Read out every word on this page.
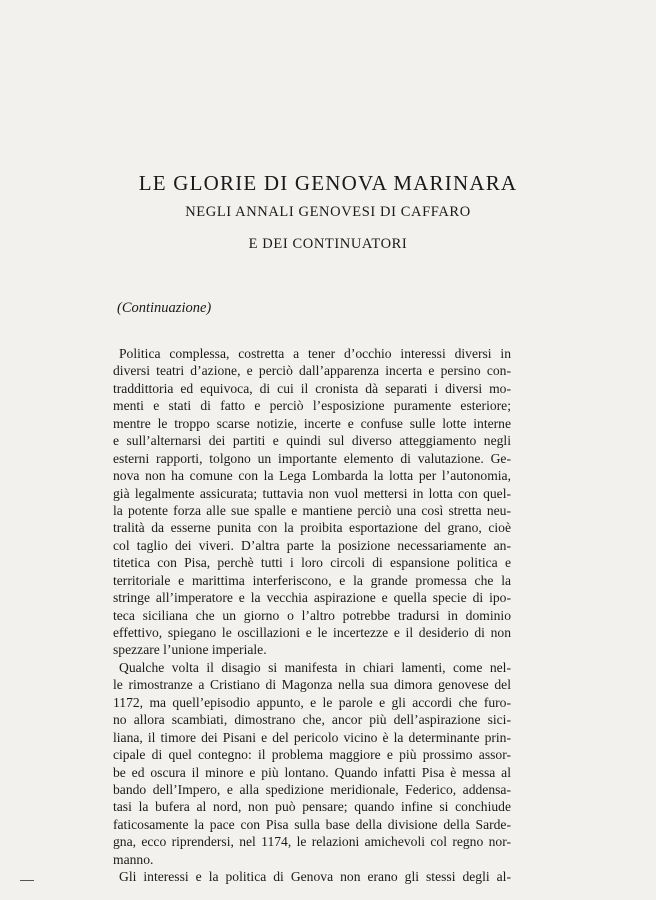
LE GLORIE DI GENOVA MARINARA
NEGLI ANNALI GENOVESI DI CAFFARO
E DEI CONTINUATORI
(Continuazione)
Politica complessa, costretta a tener d’occhio interessi diversi in
diversi teatri d’azione, e perciò dall’apparenza incerta e persino con-
traddittoria ed equivoca, di cui il cronista dà separati i diversi mo-
menti e stati di fatto e perciò l’esposizione puramente esteriore;
mentre le troppo scarse notizie, incerte e confuse sulle lotte interne
e sull’alternarsi dei partiti e quindi sul diverso atteggiamento negli
esterni rapporti, tolgono un importante elemento di valutazione. Ge-
nova non ha comune con la Lega Lombarda la lotta per l’autonomia,
già legalmente assicurata; tuttavia non vuol mettersi in lotta con quel-
la potente forza alle sue spalle e mantiene perciò una così stretta neu-
tralità da esserne punita con la proibita esportazione del grano, cioè
col taglio dei viveri. D’altra parte la posizione necessariamente an-
titetica con Pisa, perchè tutti i loro circoli di espansione politica e
territoriale e marittima interferiscono, e la grande promessa che la
stringe all’imperatore e la vecchia aspirazione e quella specie di ipo-
teca siciliana che un giorno o l’altro potrebbe tradursi in dominio
effettivo, spiegano le oscillazioni e le incertezze e il desiderio di non
spezzare l’unione imperiale.
Qualche volta il disagio si manifesta in chiari lamenti, come nel-
le rimostranze a Cristiano di Magonza nella sua dimora genovese del
1172, ma quell’episodio appunto, e le parole e gli accordi che furo-
no allora scambiati, dimostrano che, ancor più dell’aspirazione sici-
liana, il timore dei Pisani e del pericolo vicino è la determinante prin-
cipale di quel contegno: il problema maggiore e più prossimo assor-
be ed oscura il minore e più lontano. Quando infatti Pisa è messa al
bando dell’Impero, e alla spedizione meridionale, Federico, addensa-
tasi la bufera al nord, non può pensare; quando infine si conchiude
faticosamente la pace con Pisa sulla base della divisione della Sarde-
gna, ecco riprendersi, nel 1174, le relazioni amichevoli col regno nor-
manno.
Gli interessi e la politica di Genova non erano gli stessi degli al-
